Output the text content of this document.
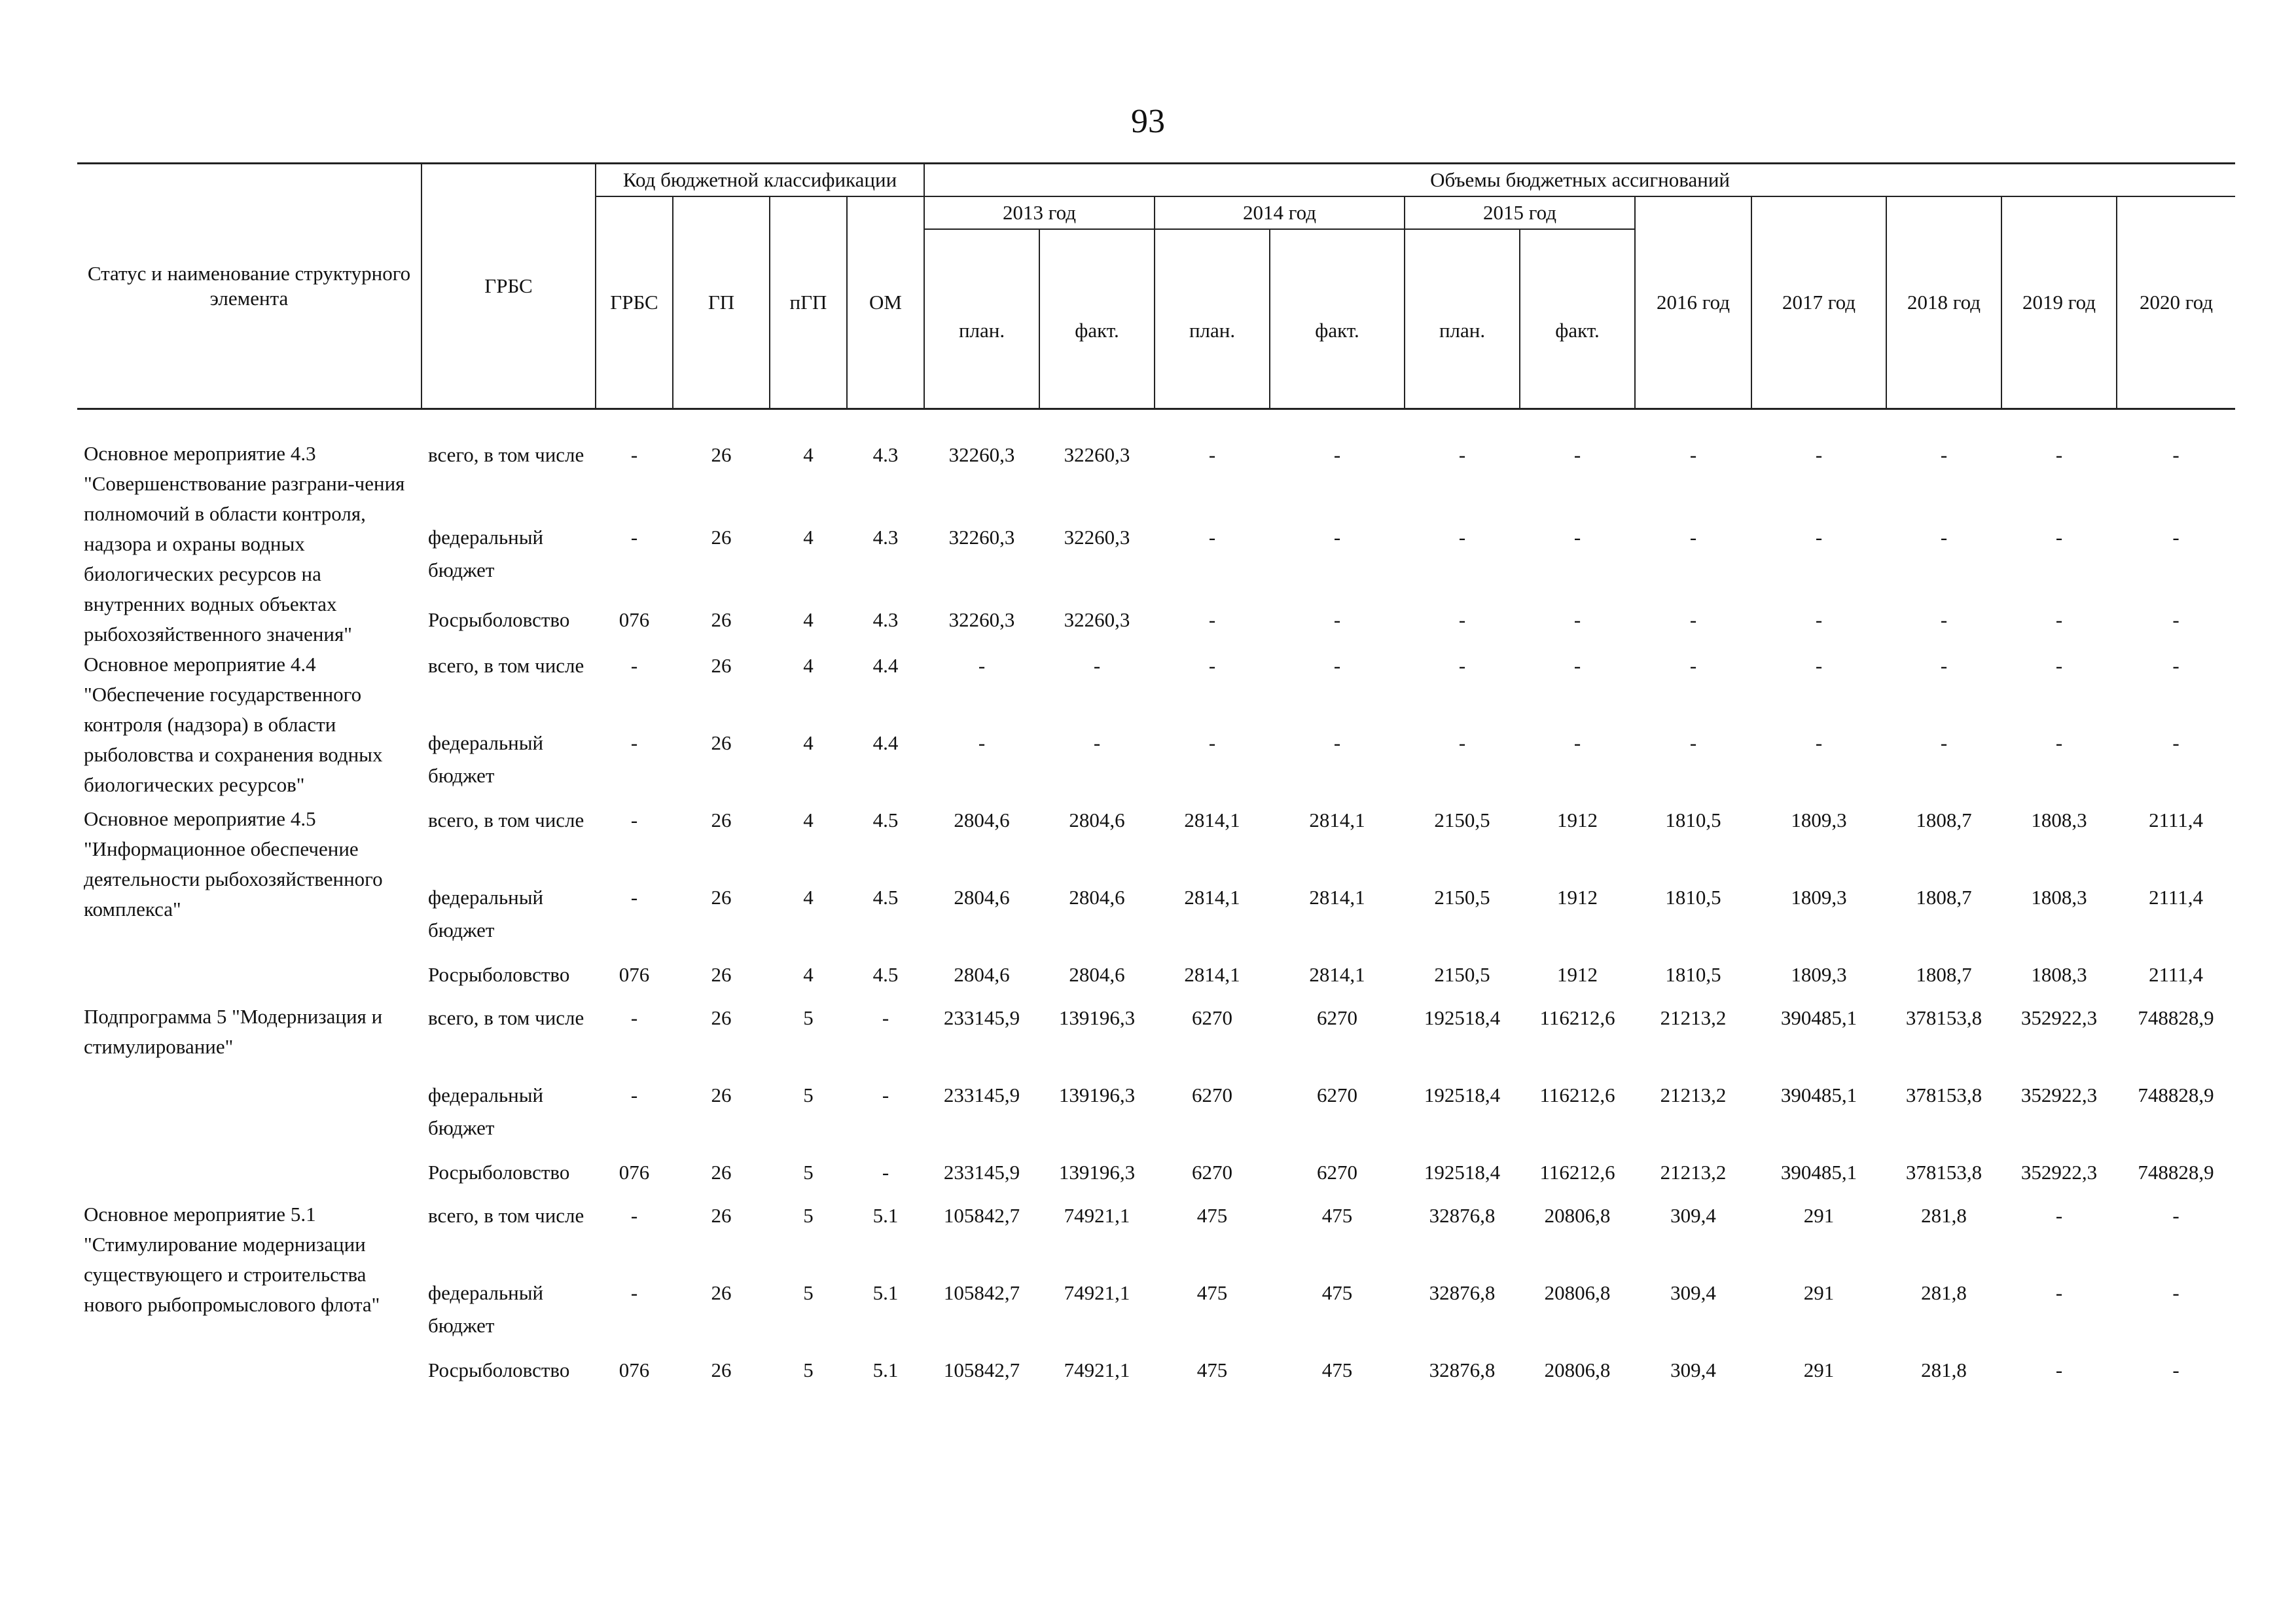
93
Статус и наименование структурного элемента	ГРБС	Код бюджетной классификации				Объемы бюджетных ассигнований										
		ГРБС	ГП	пГП	ОМ	2013 год		2014 год		2015 год		2016 год	2017 год	2018 год	2019 год	2020 год
						план.	факт.	план.	факт.	план.	факт.					

Основное мероприятие 4.3 "Совершенствование разграни-чения полномочий в области контроля, надзора и охраны водных биологических ресурсов на внутренних водных объектах рыбохозяйственного значения"	всего, в том числе	-	26	4	4.3	32260,3	32260,3	-	-	-	-	-	-	-	-	-
	федеральный бюджет	-	26	4	4.3	32260,3	32260,3	-	-	-	-	-	-	-	-	-
	Росрыболовство	076	26	4	4.3	32260,3	32260,3	-	-	-	-	-	-	-	-	-
Основное мероприятие 4.4 "Обеспечение государственного контроля (надзора) в области рыболовства и сохранения водных биологических ресурсов"	всего, в том числе	-	26	4	4.4	-	-	-	-	-	-	-	-	-	-	-
	федеральный бюджет	-	26	4	4.4	-	-	-	-	-	-	-	-	-	-	-
Основное мероприятие 4.5 "Информационное обеспечение деятельности рыбохозяйственного комплекса"	всего, в том числе	-	26	4	4.5	2804,6	2804,6	2814,1	2814,1	2150,5	1912	1810,5	1809,3	1808,7	1808,3	2111,4
	федеральный бюджет	-	26	4	4.5	2804,6	2804,6	2814,1	2814,1	2150,5	1912	1810,5	1809,3	1808,7	1808,3	2111,4
	Росрыболовство	076	26	4	4.5	2804,6	2804,6	2814,1	2814,1	2150,5	1912	1810,5	1809,3	1808,7	1808,3	2111,4
Подпрограмма 5 "Модернизация и стимулирование"	всего, в том числе	-	26	5	-	233145,9	139196,3	6270	6270	192518,4	116212,6	21213,2	390485,1	378153,8	352922,3	748828,9
	федеральный бюджет	-	26	5	-	233145,9	139196,3	6270	6270	192518,4	116212,6	21213,2	390485,1	378153,8	352922,3	748828,9
	Росрыболовство	076	26	5	-	233145,9	139196,3	6270	6270	192518,4	116212,6	21213,2	390485,1	378153,8	352922,3	748828,9
Основное мероприятие 5.1 "Стимулирование модернизации существующего и строительства нового рыбопромыслового флота"	всего, в том числе	-	26	5	5.1	105842,7	74921,1	475	475	32876,8	20806,8	309,4	291	281,8	-	-
	федеральный бюджет	-	26	5	5.1	105842,7	74921,1	475	475	32876,8	20806,8	309,4	291	281,8	-	-
	Росрыболовство	076	26	5	5.1	105842,7	74921,1	475	475	32876,8	20806,8	309,4	291	281,8	-	-
